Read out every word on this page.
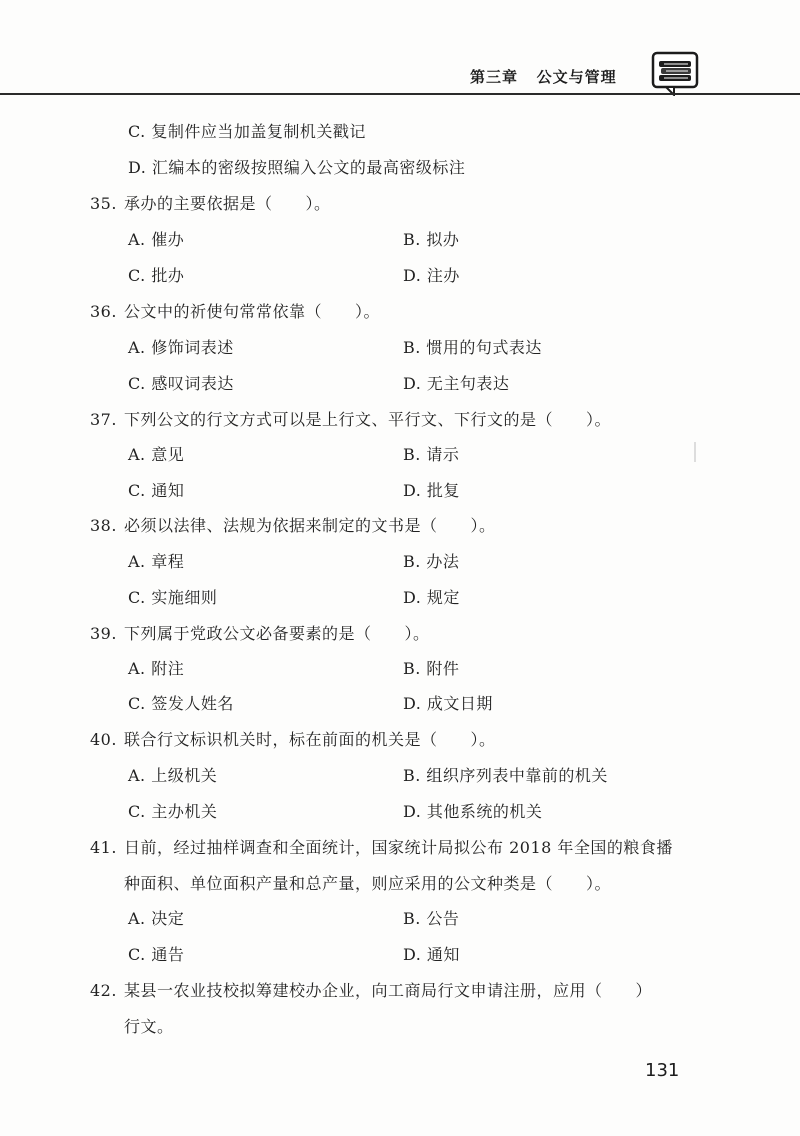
第三章   公文与管理
C. 复制件应当加盖复制机关戳记
D. 汇编本的密级按照编入公文的最高密级标注
35. 承办的主要依据是（　　）。
A. 催办	B. 拟办
C. 批办	D. 注办
36. 公文中的祈使句常常依靠（　　）。
A. 修饰词表述	B. 惯用的句式表达
C. 感叹词表达	D. 无主句表达
37. 下列公文的行文方式可以是上行文、平行文、下行文的是（　　）。
A. 意见	B. 请示
C. 通知	D. 批复
38. 必须以法律、法规为依据来制定的文书是（　　）。
A. 章程	B. 办法
C. 实施细则	D. 规定
39. 下列属于党政公文必备要素的是（　　）。
A. 附注	B. 附件
C. 签发人姓名	D. 成文日期
40. 联合行文标识机关时，标在前面的机关是（　　）。
A. 上级机关	B. 组织序列表中靠前的机关
C. 主办机关	D. 其他系统的机关
41. 日前，经过抽样调查和全面统计，国家统计局拟公布 2018 年全国的粮食播
种面积、单位面积产量和总产量，则应采用的公文种类是（　　）。
A. 决定	B. 公告
C. 通告	D. 通知
42. 某县一农业技校拟筹建校办企业，向工商局行文申请注册，应用（　　）
行文。
131
